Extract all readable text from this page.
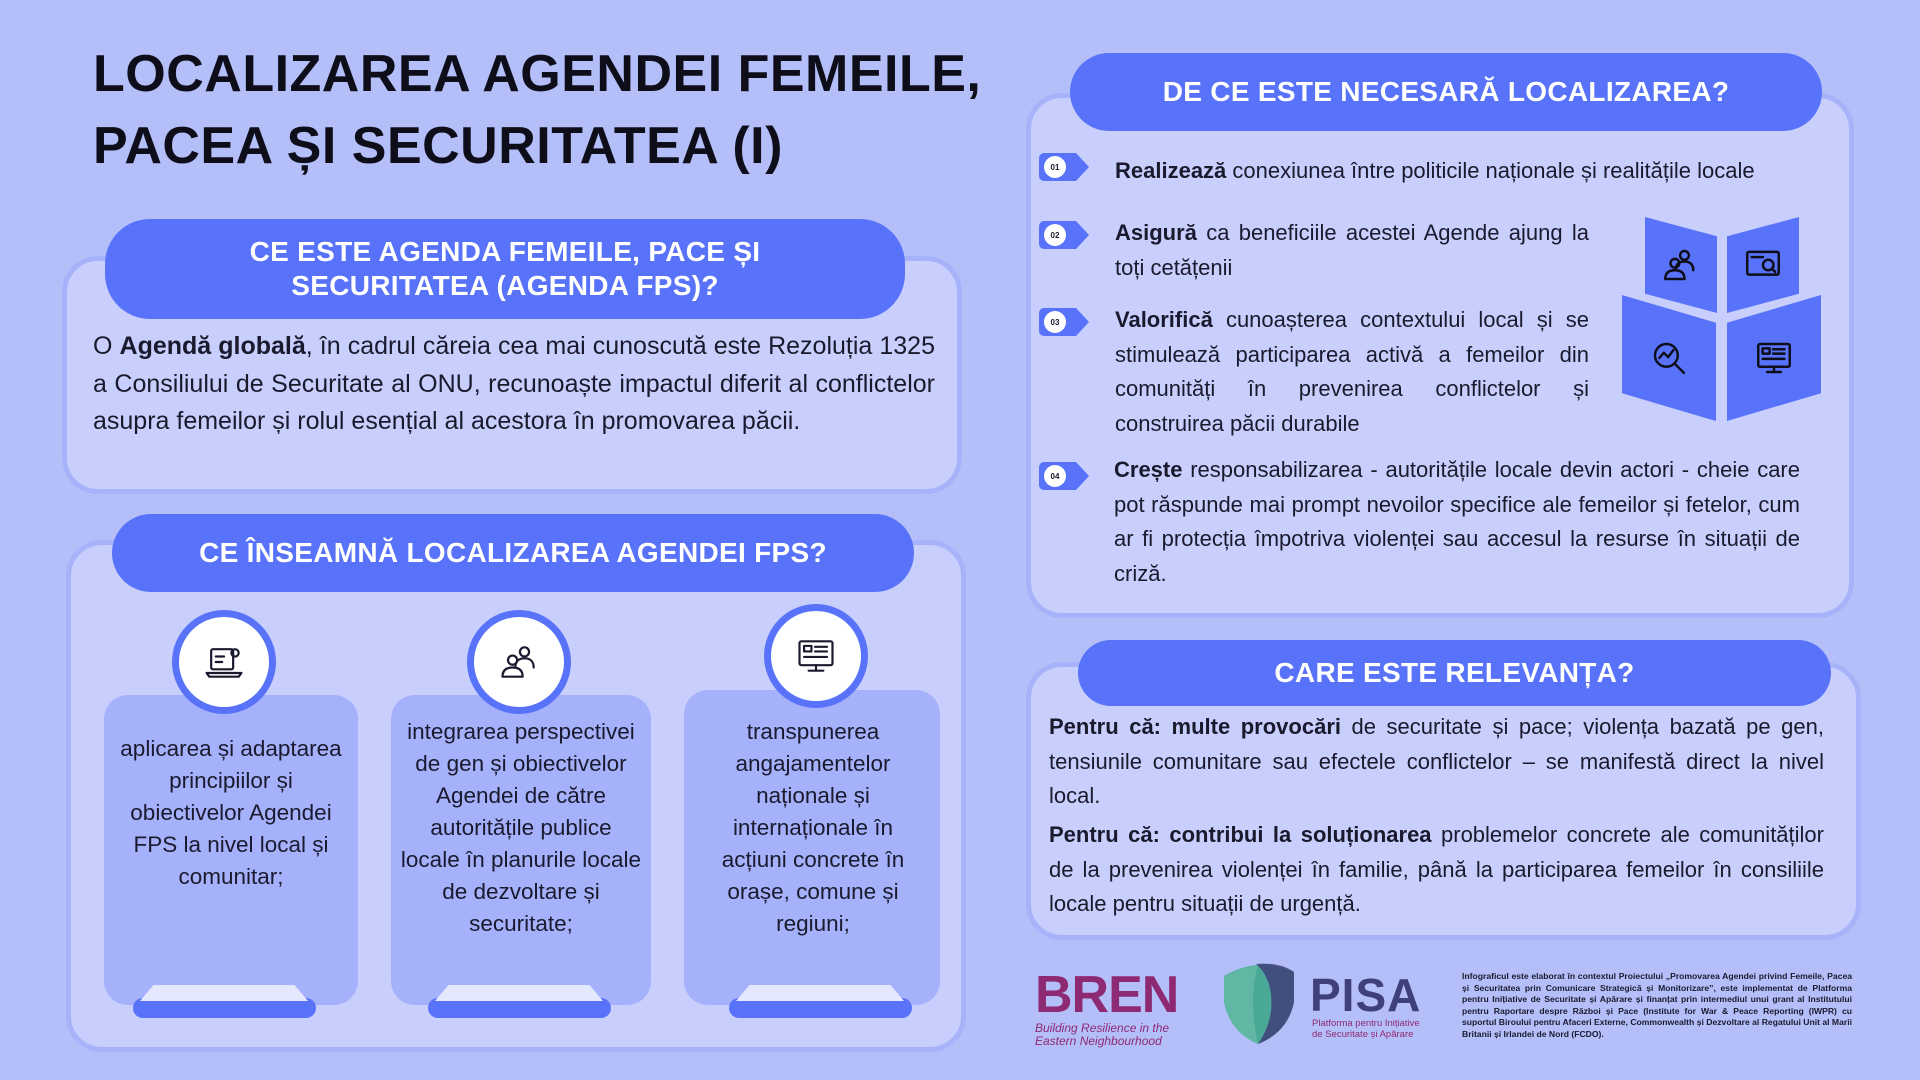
LOCALIZAREA AGENDEI FEMEILE,
PACEA ȘI SECURITATEA (I)
CE ESTE AGENDA FEMEILE, PACE ȘI
SECURITATEA (AGENDA FPS)?

O Agendă globală, în cadrul căreia cea mai cunoscută este Rezoluția 1325 a Consiliului de Securitate al ONU, recunoaște impactul diferit al conflictelor asupra femeilor și rolul esențial al acestora în promovarea păcii.

CE ÎNSEAMNĂ LOCALIZAREA AGENDEI FPS?

aplicarea și adaptarea principiilor și obiectivelor Agendei FPS la nivel local și comunitar;

integrarea perspectivei de gen și obiectivelor Agendei de către autoritățile publice locale în planurile locale de dezvoltare și securitate;

transpunerea angajamentelor naționale și internaționale în acțiuni concrete în orașe, comune și regiuni;

DE CE ESTE NECESARĂ LOCALIZAREA?
01
02
03
04

Realizează conexiunea între politicile naționale și realitățile locale

Asigură ca beneficiile acestei Agende ajung la toți cetățenii

Valorifică cunoașterea contextului local și se stimulează participarea activă a femeilor din comunități în prevenirea conflictelor și construirea păcii durabile

Crește responsabilizarea - autoritățile locale devin actori - cheie care pot răspunde mai prompt nevoilor specifice ale femeilor și fetelor, cum ar fi protecția împotriva violenței sau accesul la resurse în situații de criză.

CARE ESTE RELEVANȚA?

Pentru că: multe provocări de securitate și pace; violența bazată pe gen, tensiunile comunitare sau efectele conflictelor – se manifestă direct la nivel local.

Pentru că: contribui la soluționarea problemelor concrete ale comunităților de la prevenirea violenței în familie, până la participarea femeilor în consiliile locale pentru situații de urgență.

BREN
Building Resilience in the
Eastern Neighbourhood
PISA
Platforma pentru Inițiative
de Securitate și Apărare

Infograficul este elaborat în contextul Proiectului „Promovarea Agendei privind Femeile, Pacea și Securitatea prin Comunicare Strategică și Monitorizare”, este implementat de Platforma pentru Inițiative de Securitate și Apărare și finanțat prin intermediul unui grant al Institutului pentru Raportare despre Război și Pace (Institute for War & Peace Reporting (IWPR) cu suportul Biroului pentru Afaceri Externe, Commonwealth și Dezvoltare al Regatului Unit al Marii Britanii și Irlandei de Nord (FCDO).
